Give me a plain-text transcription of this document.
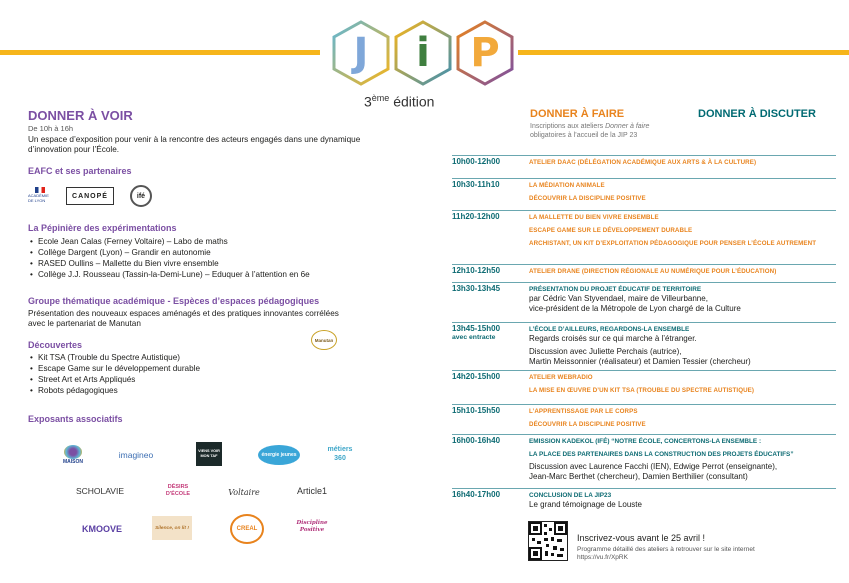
J	i	P
3ème édition
DONNER À VOIR
De 10h à 16h
Un espace d’exposition pour venir à la rencontre des acteurs engagés dans une dynamique d’innovation pour l’École.
EAFC et ses partenaires
ACADÉMIE DE LYON
CANOPÉ	ifé
La Pépinière des expérimentations
• Ecole Jean Calas (Ferney Voltaire) – Labo de maths
• Collège Dargent (Lyon) – Grandir en autonomie
• RASED Oullins – Mallette du Bien vivre ensemble
• Collège J.J. Rousseau (Tassin-la-Demi-Lune) – Eduquer à l’attention en 6e
Groupe thématique académique - Espèces d’espaces pédagogiques
Présentation des nouveaux espaces aménagés et des pratiques innovantes corrélées avec le partenariat de Manutan
Manutan
Découvertes
• Kit TSA (Trouble du Spectre Autistique)
• Escape Game sur le développement durable
• Street Art et Arts Appliqués
• Robots pédagogiques
Exposants associatifs
MAISON
imagineo	VIENS VOIR MON TAF	énergie jeunes
métiers 360
SCHOLAVIE	DÉSIRS D'ÉCOLE	Voltaire	Article1
KMOOVE	Silence, on lit !	CREAL
Discipline Positive
DONNER À FAIRE
Inscriptions aux ateliers Donner à faire
obligatoires à l’accueil de la JIP 23
DONNER À DISCUTER
10h00-12h00	ATELIER DAAC (DÉLÉGATION ACADÉMIQUE AUX ARTS & À LA CULTURE)
10h30-11h10	LA MÉDIATION ANIMALE
DÉCOUVRIR LA DISCIPLINE POSITIVE
11h20-12h00	LA MALLETTE DU BIEN VIVRE ENSEMBLE
ESCAPE GAME SUR LE DÉVELOPPEMENT DURABLE
ARCHISTANT, UN KIT D’EXPLOITATION PÉDAGOGIQUE POUR PENSER L’ÉCOLE AUTREMENT
12h10-12h50	ATELIER DRANE (DIRECTION RÉGIONALE AU NUMÉRIQUE POUR L’ÉDUCATION)
13h30-13h45	PRÉSENTATION DU PROJET ÉDUCATIF DE TERRITOIRE
par Cédric Van Styvendael, maire de Villeurbanne,
vice-président de la Métropole de Lyon chargé de la Culture
13h45-15h00
avec entracte
L’ÉCOLE D’AILLEURS, REGARDONS-LA ENSEMBLE
Regards croisés sur ce qui marche à l’étranger.
Discussion avec Juliette Perchais (autrice),
Martin Meissonnier (réalisateur) et Damien Tessier (chercheur)
14h20-15h00	ATELIER WEBRADIO
LA MISE EN ŒUVRE D’UN KIT TSA (TROUBLE DU SPECTRE AUTISTIQUE)
15h10-15h50	L’APPRENTISSAGE PAR LE CORPS
DÉCOUVRIR LA DISCIPLINE POSITIVE
16h00-16h40	EMISSION KADEKOL (IFÉ) “NOTRE ÉCOLE, CONCERTONS-LA ENSEMBLE :
LA PLACE DES PARTENAIRES DANS LA CONSTRUCTION DES PROJETS ÉDUCATIFS”
Discussion avec Laurence Facchi (IEN), Edwige Perrot (enseignante),
Jean-Marc Berthet (chercheur), Damien Berthilier (consultant)
16h40-17h00	CONCLUSION DE LA JIP23
Le grand témoignage de Louste
Inscrivez-vous avant le 25 avril !
Programme détaillé des ateliers à retrouver sur le site internet
https://vu.fr/XpRK
